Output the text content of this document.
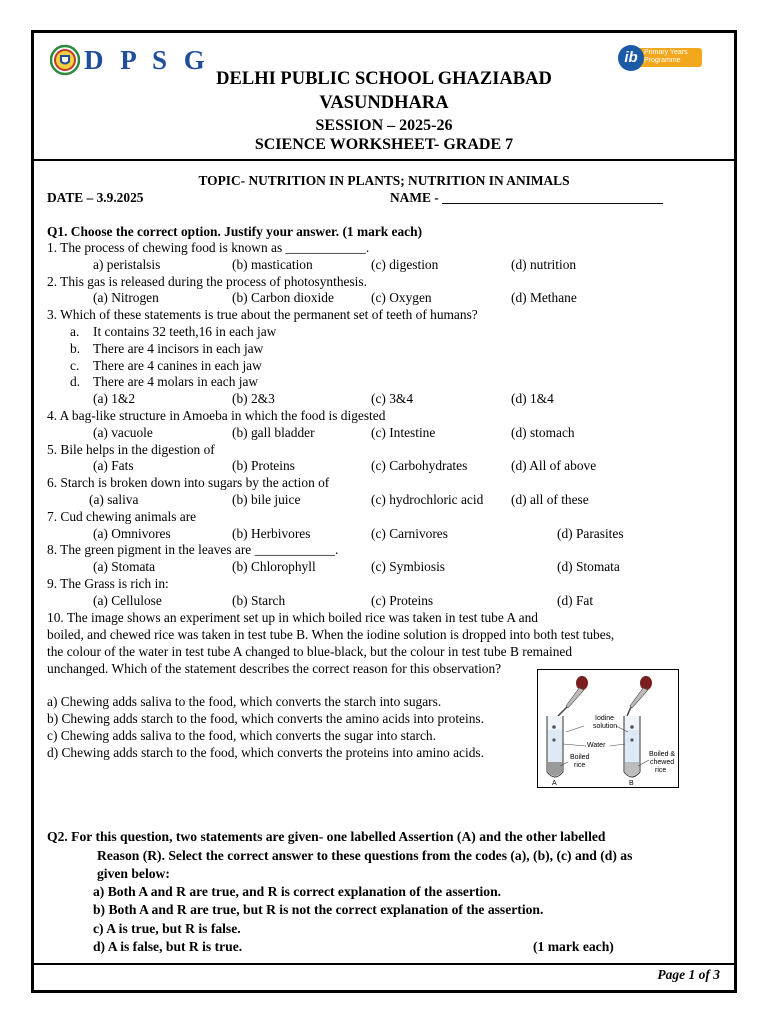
D P S G	ib Primary Years
Programme
DELHI PUBLIC SCHOOL GHAZIABAD
VASUNDHARA
SESSION – 2025-26
SCIENCE WORKSHEET- GRADE 7
Page 1 of 3
TOPIC- NUTRITION IN PLANTS; NUTRITION IN ANIMALS
DATE – 3.9.2025	NAME - _________________________________
Q1. Choose the correct option. Justify your answer. (1 mark each)
1. The process of chewing food is known as ____________.
a) peristalsis	(b) mastication	(c) digestion	(d) nutrition
2. This gas is released during the process of photosynthesis.
(a) Nitrogen	(b) Carbon dioxide	(c) Oxygen	(d) Methane
3. Which of these statements is true about the permanent set of teeth of humans?
a. It contains 32 teeth,16 in each jaw
b. There are 4 incisors in each jaw
c. There are 4 canines in each jaw
d. There are 4 molars in each jaw
(a) 1&2	(b) 2&3	(c) 3&4	(d) 1&4
4. A bag-like structure in Amoeba in which the food is digested
(a) vacuole	(b) gall bladder	(c) Intestine	(d) stomach
5. Bile helps in the digestion of
(a) Fats	(b) Proteins	(c) Carbohydrates	(d) All of above
6. Starch is broken down into sugars by the action of
(a) saliva	(b) bile juice	(c) hydrochloric acid (d) all of these
7. Cud chewing animals are
(a) Omnivores	(b) Herbivores	(c) Carnivores	(d) Parasites
8. The green pigment in the leaves are ____________.
(a) Stomata	(b) Chlorophyll	(c) Symbiosis	(d) Stomata
9. The Grass is rich in:
(a) Cellulose	(b) Starch	(c) Proteins	(d) Fat
10. The image shows an experiment set up in which boiled rice was taken in test tube A and
boiled, and chewed rice was taken in test tube B. When the iodine solution is dropped into both test tubes,
the colour of the water in test tube A changed to blue-black, but the colour in test tube B remained
unchanged. Which of the statement describes the correct reason for this observation?
a) Chewing adds saliva to the food, which converts the starch into sugars.
b) Chewing adds starch to the food, which converts the amino acids into proteins.
c) Chewing adds saliva to the food, which converts the sugar into starch.
d) Chewing adds starch to the food, which converts the proteins into amino acids.
Iodine
solution
Water
Boiled
rice
Boiled &
chewed
rice
A	B
Q2. For this question, two statements are given- one labelled Assertion (A) and the other labelled
Reason (R). Select the correct answer to these questions from the codes (a), (b), (c) and (d) as
given below:
a) Both A and R are true, and R is correct explanation of the assertion.
b) Both A and R are true, but R is not the correct explanation of the assertion.
c) A is true, but R is false.
d) A is false, but R is true.	(1 mark each)
